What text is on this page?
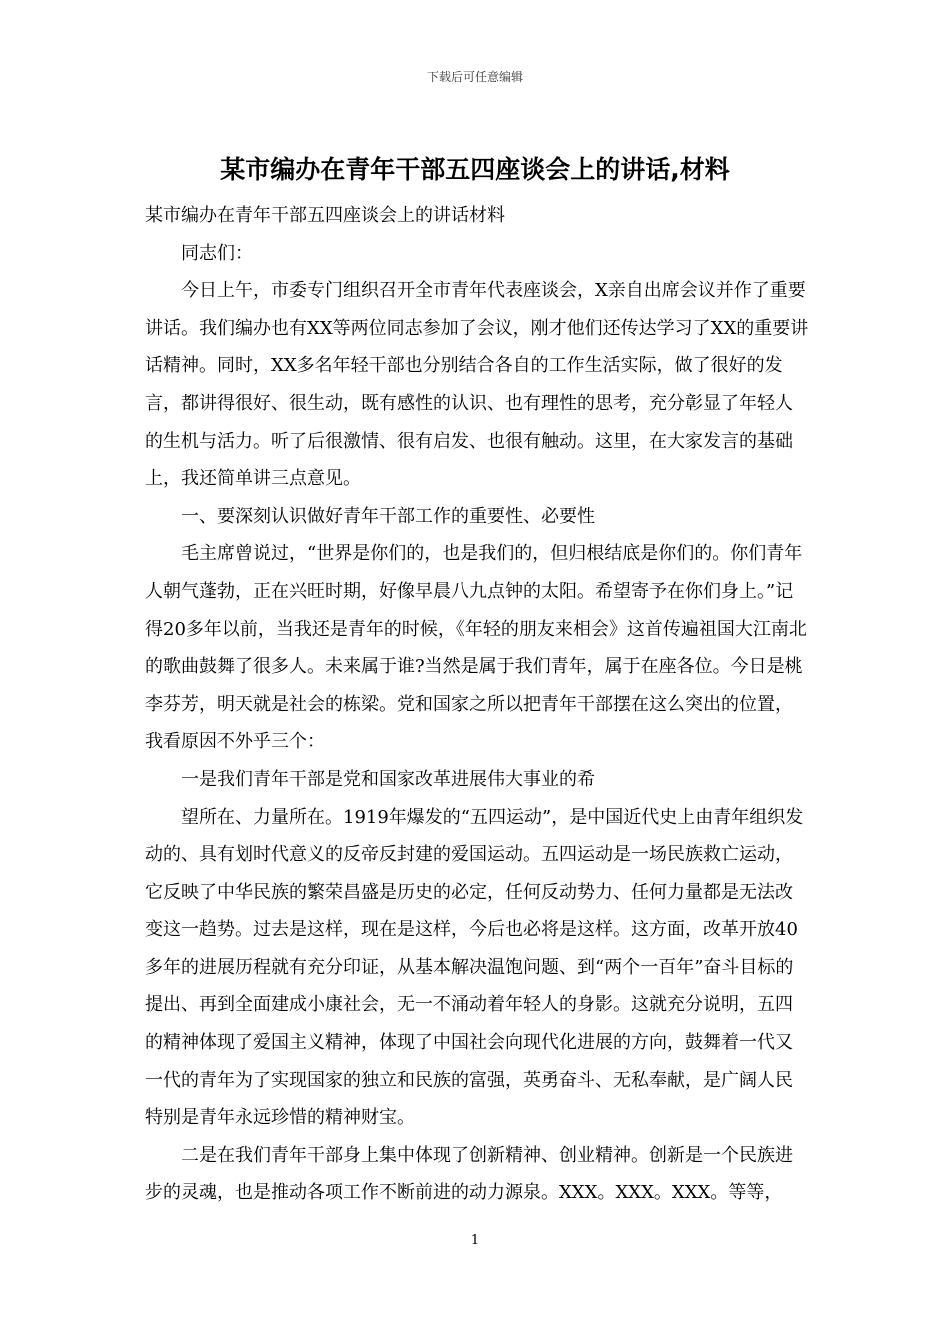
下载后可任意编辑
某市编办在青年干部五四座谈会上的讲话,材料

某市编办在青年干部五四座谈会上的讲话材料

同志们：

今日上午，市委专门组织召开全市青年代表座谈会，X亲自出席会议并作了重要讲话。我们编办也有XX等两位同志参加了会议，刚才他们还传达学习了XX的重要讲话精神。同时，XX多名年轻干部也分别结合各自的工作生活实际，做了很好的发言，都讲得很好、很生动，既有感性的认识、也有理性的思考，充分彰显了年轻人的生机与活力。听了后很激情、很有启发、也很有触动。这里，在大家发言的基础上，我还简单讲三点意见。

一、要深刻认识做好青年干部工作的重要性、必要性

毛主席曾说过，“世界是你们的，也是我们的，但归根结底是你们的。你们青年人朝气蓬勃，正在兴旺时期，好像早晨八九点钟的太阳。希望寄予在你们身上。”记得20多年以前，当我还是青年的时候，《年轻的朋友来相会》这首传遍祖国大江南北的歌曲鼓舞了很多人。未来属于谁?当然是属于我们青年，属于在座各位。今日是桃李芬芳，明天就是社会的栋梁。党和国家之所以把青年干部摆在这么突出的位置，我看原因不外乎三个：

一是我们青年干部是党和国家改革进展伟大事业的希

望所在、力量所在。1919年爆发的“五四运动”，是中国近代史上由青年组织发动的、具有划时代意义的反帝反封建的爱国运动。五四运动是一场民族救亡运动，它反映了中华民族的繁荣昌盛是历史的必定，任何反动势力、任何力量都是无法改变这一趋势。过去是这样，现在是这样，今后也必将是这样。这方面，改革开放40多年的进展历程就有充分印证，从基本解决温饱问题、到“两个一百年”奋斗目标的提出、再到全面建成小康社会，无一不涌动着年轻人的身影。这就充分说明，五四的精神体现了爱国主义精神，体现了中国社会向现代化进展的方向，鼓舞着一代又一代的青年为了实现国家的独立和民族的富强，英勇奋斗、无私奉献，是广阔人民特别是青年永远珍惜的精神财宝。

二是在我们青年干部身上集中体现了创新精神、创业精神。创新是一个民族进步的灵魂，也是推动各项工作不断前进的动力源泉。XXX。XXX。XXX。等等，

1
